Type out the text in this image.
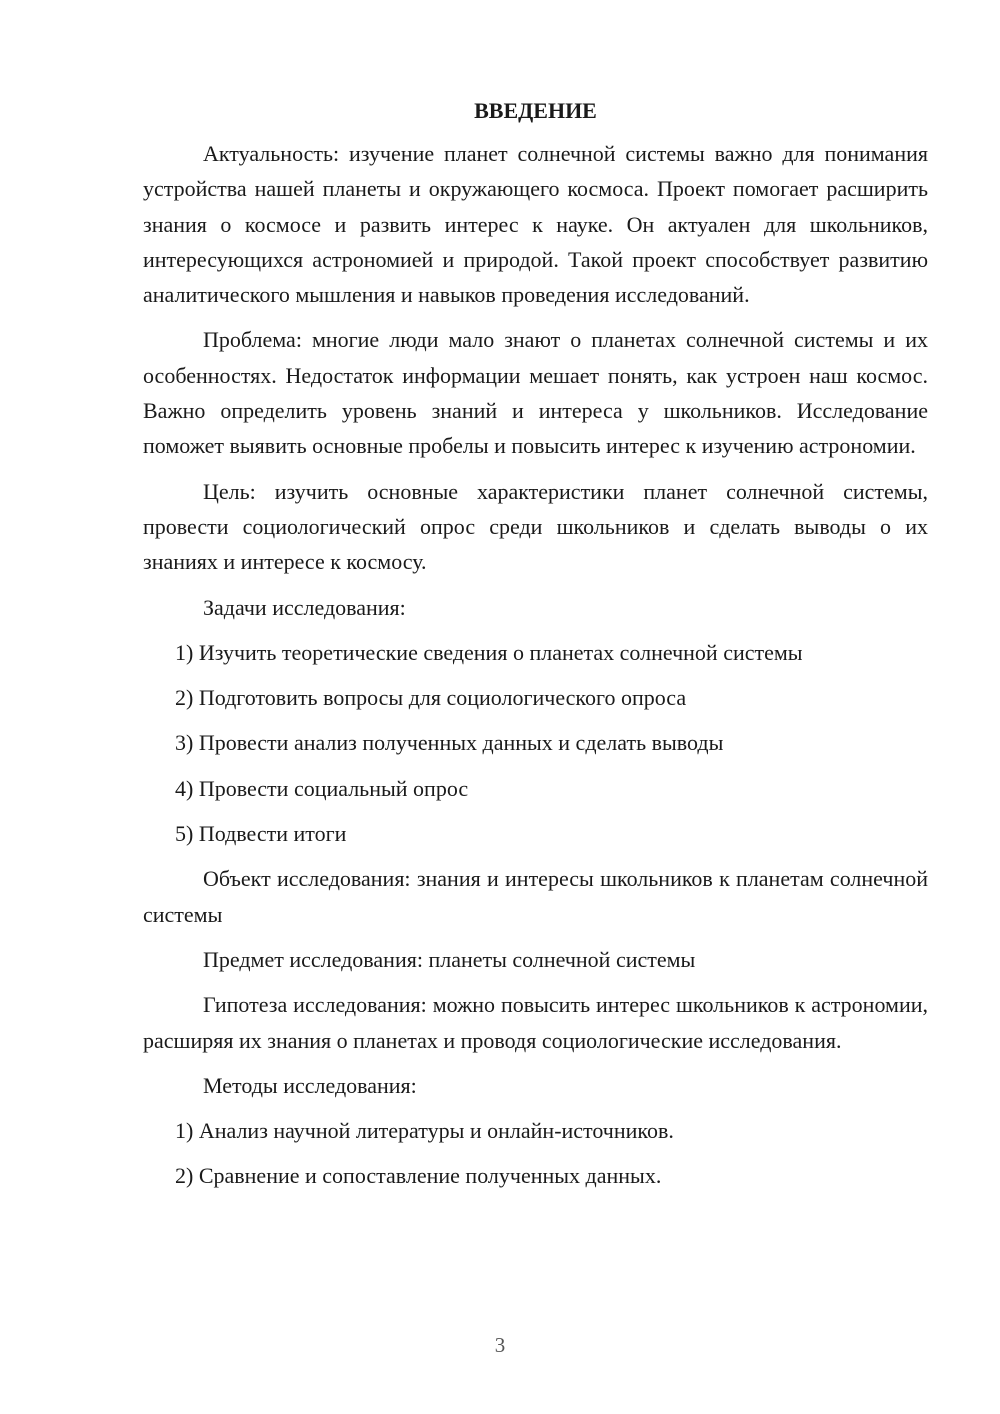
ВВЕДЕНИЕ

Актуальность: изучение планет солнечной системы важно для понимания устройства нашей планеты и окружающего космоса. Проект помогает расширить знания о космосе и развить интерес к науке. Он актуален для школьников, интересующихся астрономией и природой. Такой проект способствует развитию аналитического мышления и навыков проведения исследований.

Проблема: многие люди мало знают о планетах солнечной системы и их особенностях. Недостаток информации мешает понять, как устроен наш космос. Важно определить уровень знаний и интереса у школьников. Исследование поможет выявить основные пробелы и повысить интерес к изучению астрономии.

Цель: изучить основные характеристики планет солнечной системы, провести социологический опрос среди школьников и сделать выводы о их знаниях и интересе к космосу.

Задачи исследования:

1) Изучить теоретические сведения о планетах солнечной системы
2) Подготовить вопросы для социологического опроса
3) Провести анализ полученных данных и сделать выводы
4) Провести социальный опрос
5) Подвести итоги

Объект исследования: знания и интересы школьников к планетам солнечной системы

Предмет исследования: планеты солнечной системы

Гипотеза исследования: можно повысить интерес школьников к астрономии, расширяя их знания о планетах и проводя социологические исследования.

Методы исследования:

1) Анализ научной литературы и онлайн-источников.
2) Сравнение и сопоставление полученных данных.
3
